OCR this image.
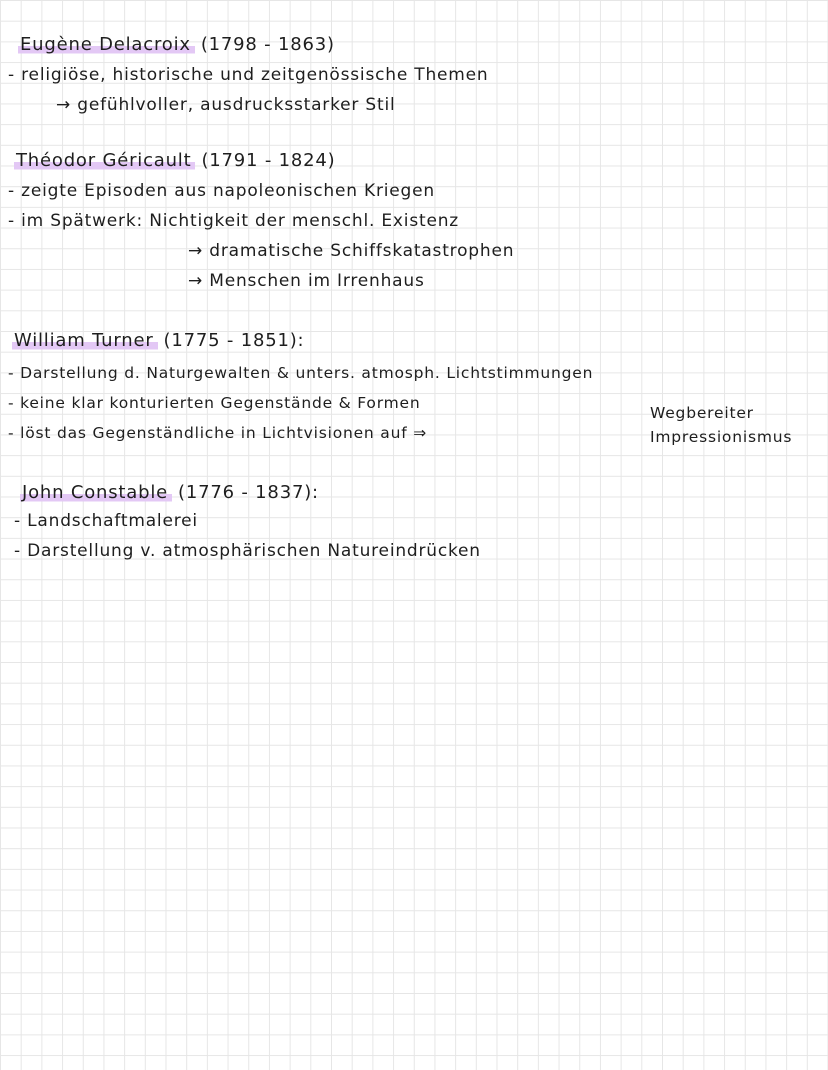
Eugène Delacroix (1798 - 1863)
- religiöse, historische und zeitgenössische Themen
→ gefühlvoller, ausdrucksstarker Stil
Théodor Géricault (1791 - 1824)
- zeigte Episoden aus napoleonischen Kriegen
- im Spätwerk: Nichtigkeit der menschl. Existenz
→ dramatische Schiffskatastrophen
→ Menschen im Irrenhaus
William Turner (1775 - 1851):
- Darstellung d. Naturgewalten & unters. atmosph. Lichtstimmungen
- keine klar konturierten Gegenstände & Formen
- löst das Gegenständliche in Lichtvisionen auf ⇒
Wegbereiter
Impressionismus
John Constable (1776 - 1837):
- Landschaftmalerei
- Darstellung v. atmosphärischen Natureindrücken
